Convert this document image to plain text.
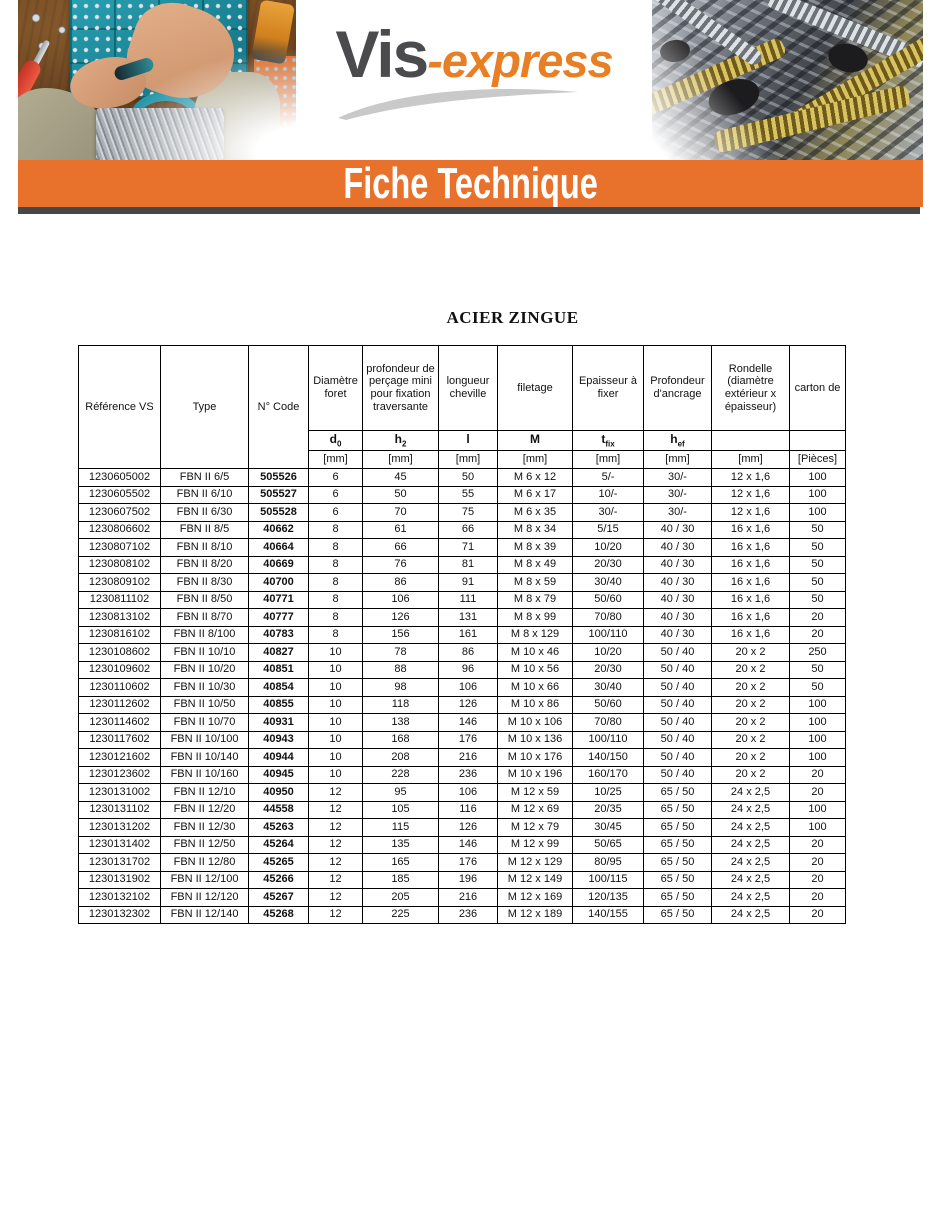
Vis-express
Fiche Technique
ACIER ZINGUE
Référence VS	Type	N° Code	Diamètre foret	profondeur de perçage mini pour fixation traversante	longueur cheville	filetage	Epaisseur à fixer	Profondeur d'ancrage	Rondelle (diamètre extérieur x épaisseur)	carton de
			$d_0$	$h_2$	l	M	$t_{fix}$	$h_{ef}$		
			[mm]	[mm]	[mm]	[mm]	[mm]	[mm]	[mm]	[Pièces]
1230605002	FBN II 6/5	505526	6	45	50	M 6 x 12	5/-	30/-	12 x 1,6	100
1230605502	FBN II 6/10	505527	6	50	55	M 6 x 17	10/-	30/-	12 x 1,6	100
1230607502	FBN II 6/30	505528	6	70	75	M 6 x 35	30/-	30/-	12 x 1,6	100
1230806602	FBN II 8/5	40662	8	61	66	M 8 x 34	5/15	40 / 30	16 x 1,6	50
1230807102	FBN II 8/10	40664	8	66	71	M 8 x 39	10/20	40 / 30	16 x 1,6	50
1230808102	FBN II 8/20	40669	8	76	81	M 8 x 49	20/30	40 / 30	16 x 1,6	50
1230809102	FBN II 8/30	40700	8	86	91	M 8 x 59	30/40	40 / 30	16 x 1,6	50
1230811102	FBN II 8/50	40771	8	106	111	M 8 x 79	50/60	40 / 30	16 x 1,6	50
1230813102	FBN II 8/70	40777	8	126	131	M 8 x 99	70/80	40 / 30	16 x 1,6	20
1230816102	FBN II 8/100	40783	8	156	161	M 8 x 129	100/110	40 / 30	16 x 1,6	20
1230108602	FBN II 10/10	40827	10	78	86	M 10 x 46	10/20	50 / 40	20 x 2	250
1230109602	FBN II 10/20	40851	10	88	96	M 10 x 56	20/30	50 / 40	20 x 2	50
1230110602	FBN II 10/30	40854	10	98	106	M 10 x 66	30/40	50 / 40	20 x 2	50
1230112602	FBN II 10/50	40855	10	118	126	M 10 x 86	50/60	50 / 40	20 x 2	100
1230114602	FBN II 10/70	40931	10	138	146	M 10 x 106	70/80	50 / 40	20 x 2	100
1230117602	FBN II 10/100	40943	10	168	176	M 10 x 136	100/110	50 / 40	20 x 2	100
1230121602	FBN II 10/140	40944	10	208	216	M 10 x 176	140/150	50 / 40	20 x 2	100
1230123602	FBN II 10/160	40945	10	228	236	M 10 x 196	160/170	50 / 40	20 x 2	20
1230131002	FBN II 12/10	40950	12	95	106	M 12 x 59	10/25	65 / 50	24 x 2,5	20
1230131102	FBN II 12/20	44558	12	105	116	M 12 x 69	20/35	65 / 50	24 x 2,5	100
1230131202	FBN II 12/30	45263	12	115	126	M 12 x 79	30/45	65 / 50	24 x 2,5	100
1230131402	FBN II 12/50	45264	12	135	146	M 12 x 99	50/65	65 / 50	24 x 2,5	20
1230131702	FBN II 12/80	45265	12	165	176	M 12 x 129	80/95	65 / 50	24 x 2,5	20
1230131902	FBN II 12/100	45266	12	185	196	M 12 x 149	100/115	65 / 50	24 x 2,5	20
1230132102	FBN II 12/120	45267	12	205	216	M 12 x 169	120/135	65 / 50	24 x 2,5	20
1230132302	FBN II 12/140	45268	12	225	236	M 12 x 189	140/155	65 / 50	24 x 2,5	20
